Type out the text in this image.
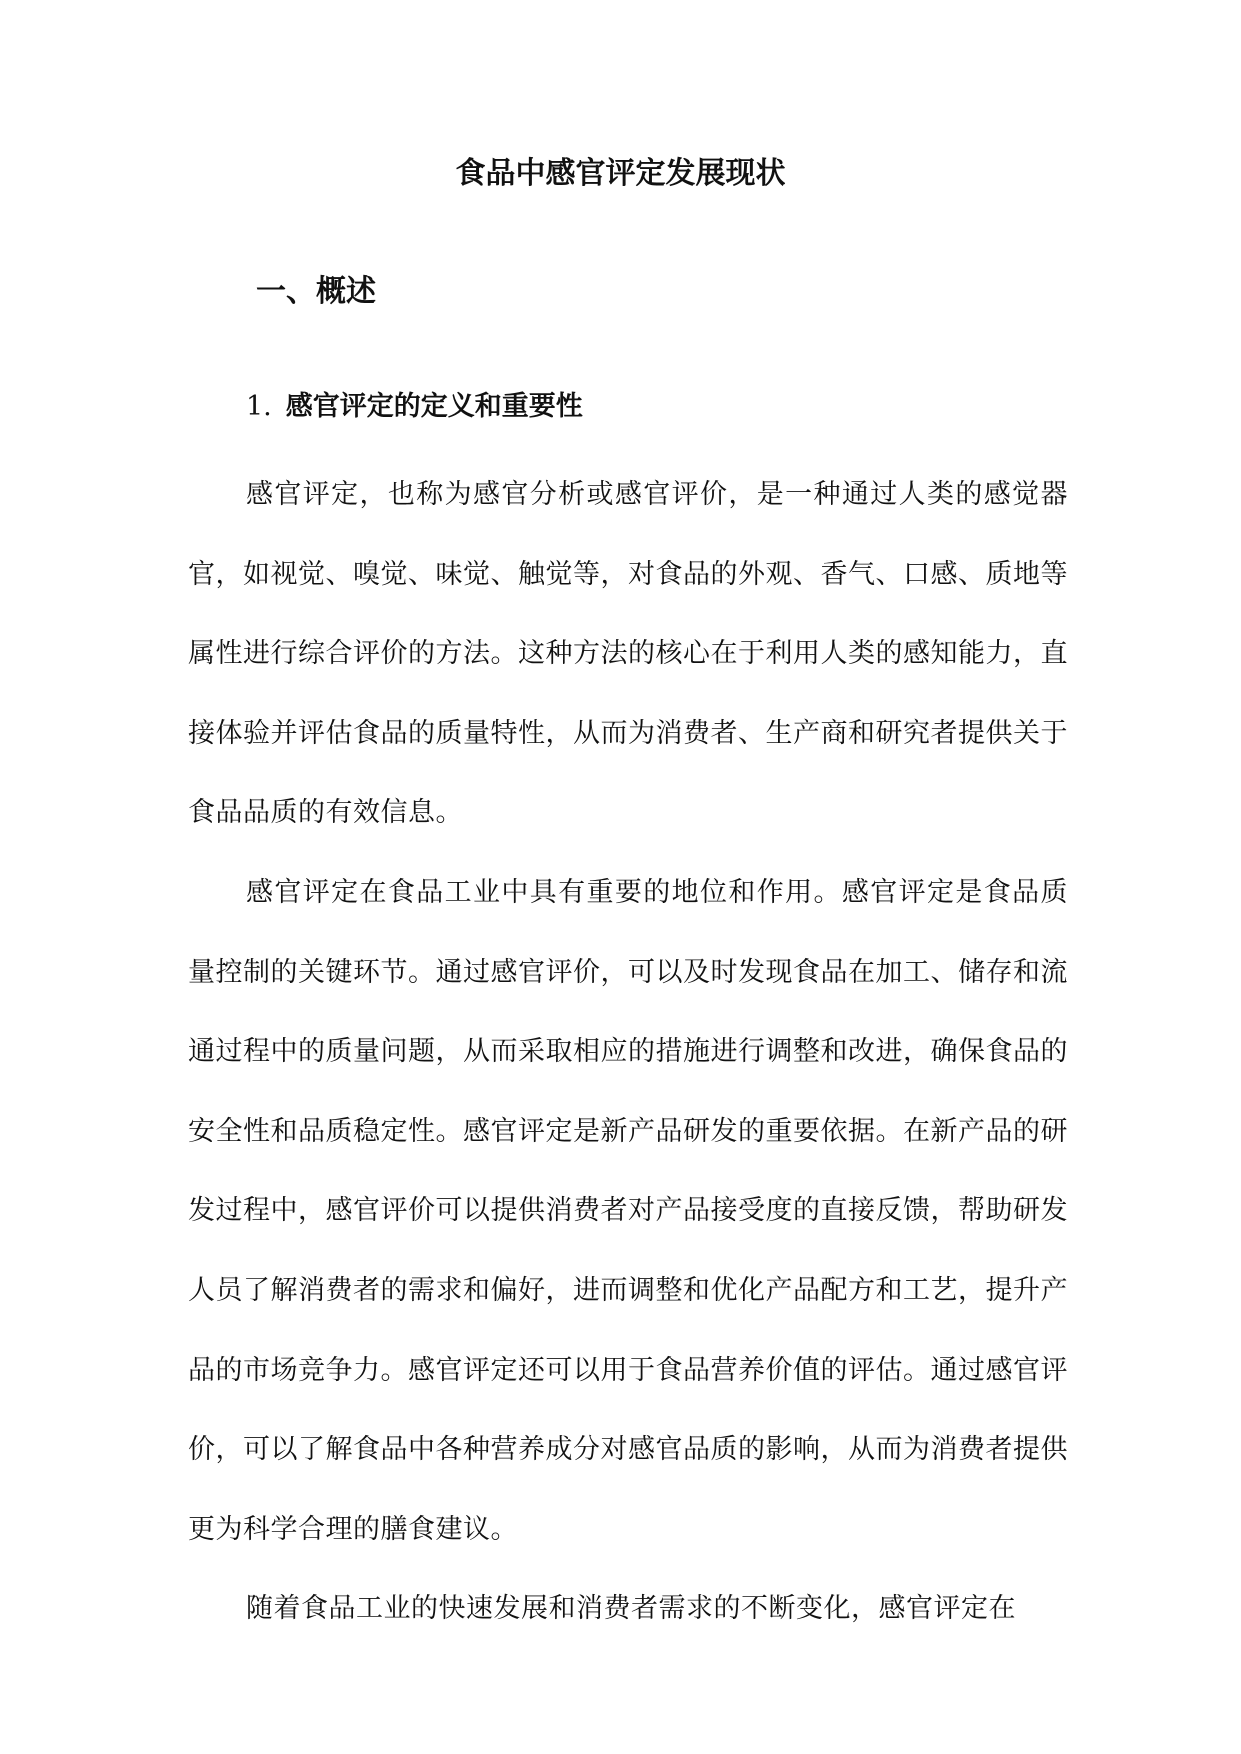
食品中感官评定发展现状
一、概述
1. 感官评定的定义和重要性

感官评定，也称为感官分析或感官评价，是一种通过人类的感觉器官，如视觉、嗅觉、味觉、触觉等，对食品的外观、香气、口感、质地等属性进行综合评价的方法。这种方法的核心在于利用人类的感知能力，直接体验并评估食品的质量特性，从而为消费者、生产商和研究者提供关于食品品质的有效信息。

感官评定在食品工业中具有重要的地位和作用。感官评定是食品质量控制的关键环节。通过感官评价，可以及时发现食品在加工、储存和流通过程中的质量问题，从而采取相应的措施进行调整和改进，确保食品的安全性和品质稳定性。感官评定是新产品研发的重要依据。在新产品的研发过程中，感官评价可以提供消费者对产品接受度的直接反馈，帮助研发人员了解消费者的需求和偏好，进而调整和优化产品配方和工艺，提升产品的市场竞争力。感官评定还可以用于食品营养价值的评估。通过感官评价，可以了解食品中各种营养成分对感官品质的影响，从而为消费者提供更为科学合理的膳食建议。

随着食品工业的快速发展和消费者需求的不断变化，感官评定在
